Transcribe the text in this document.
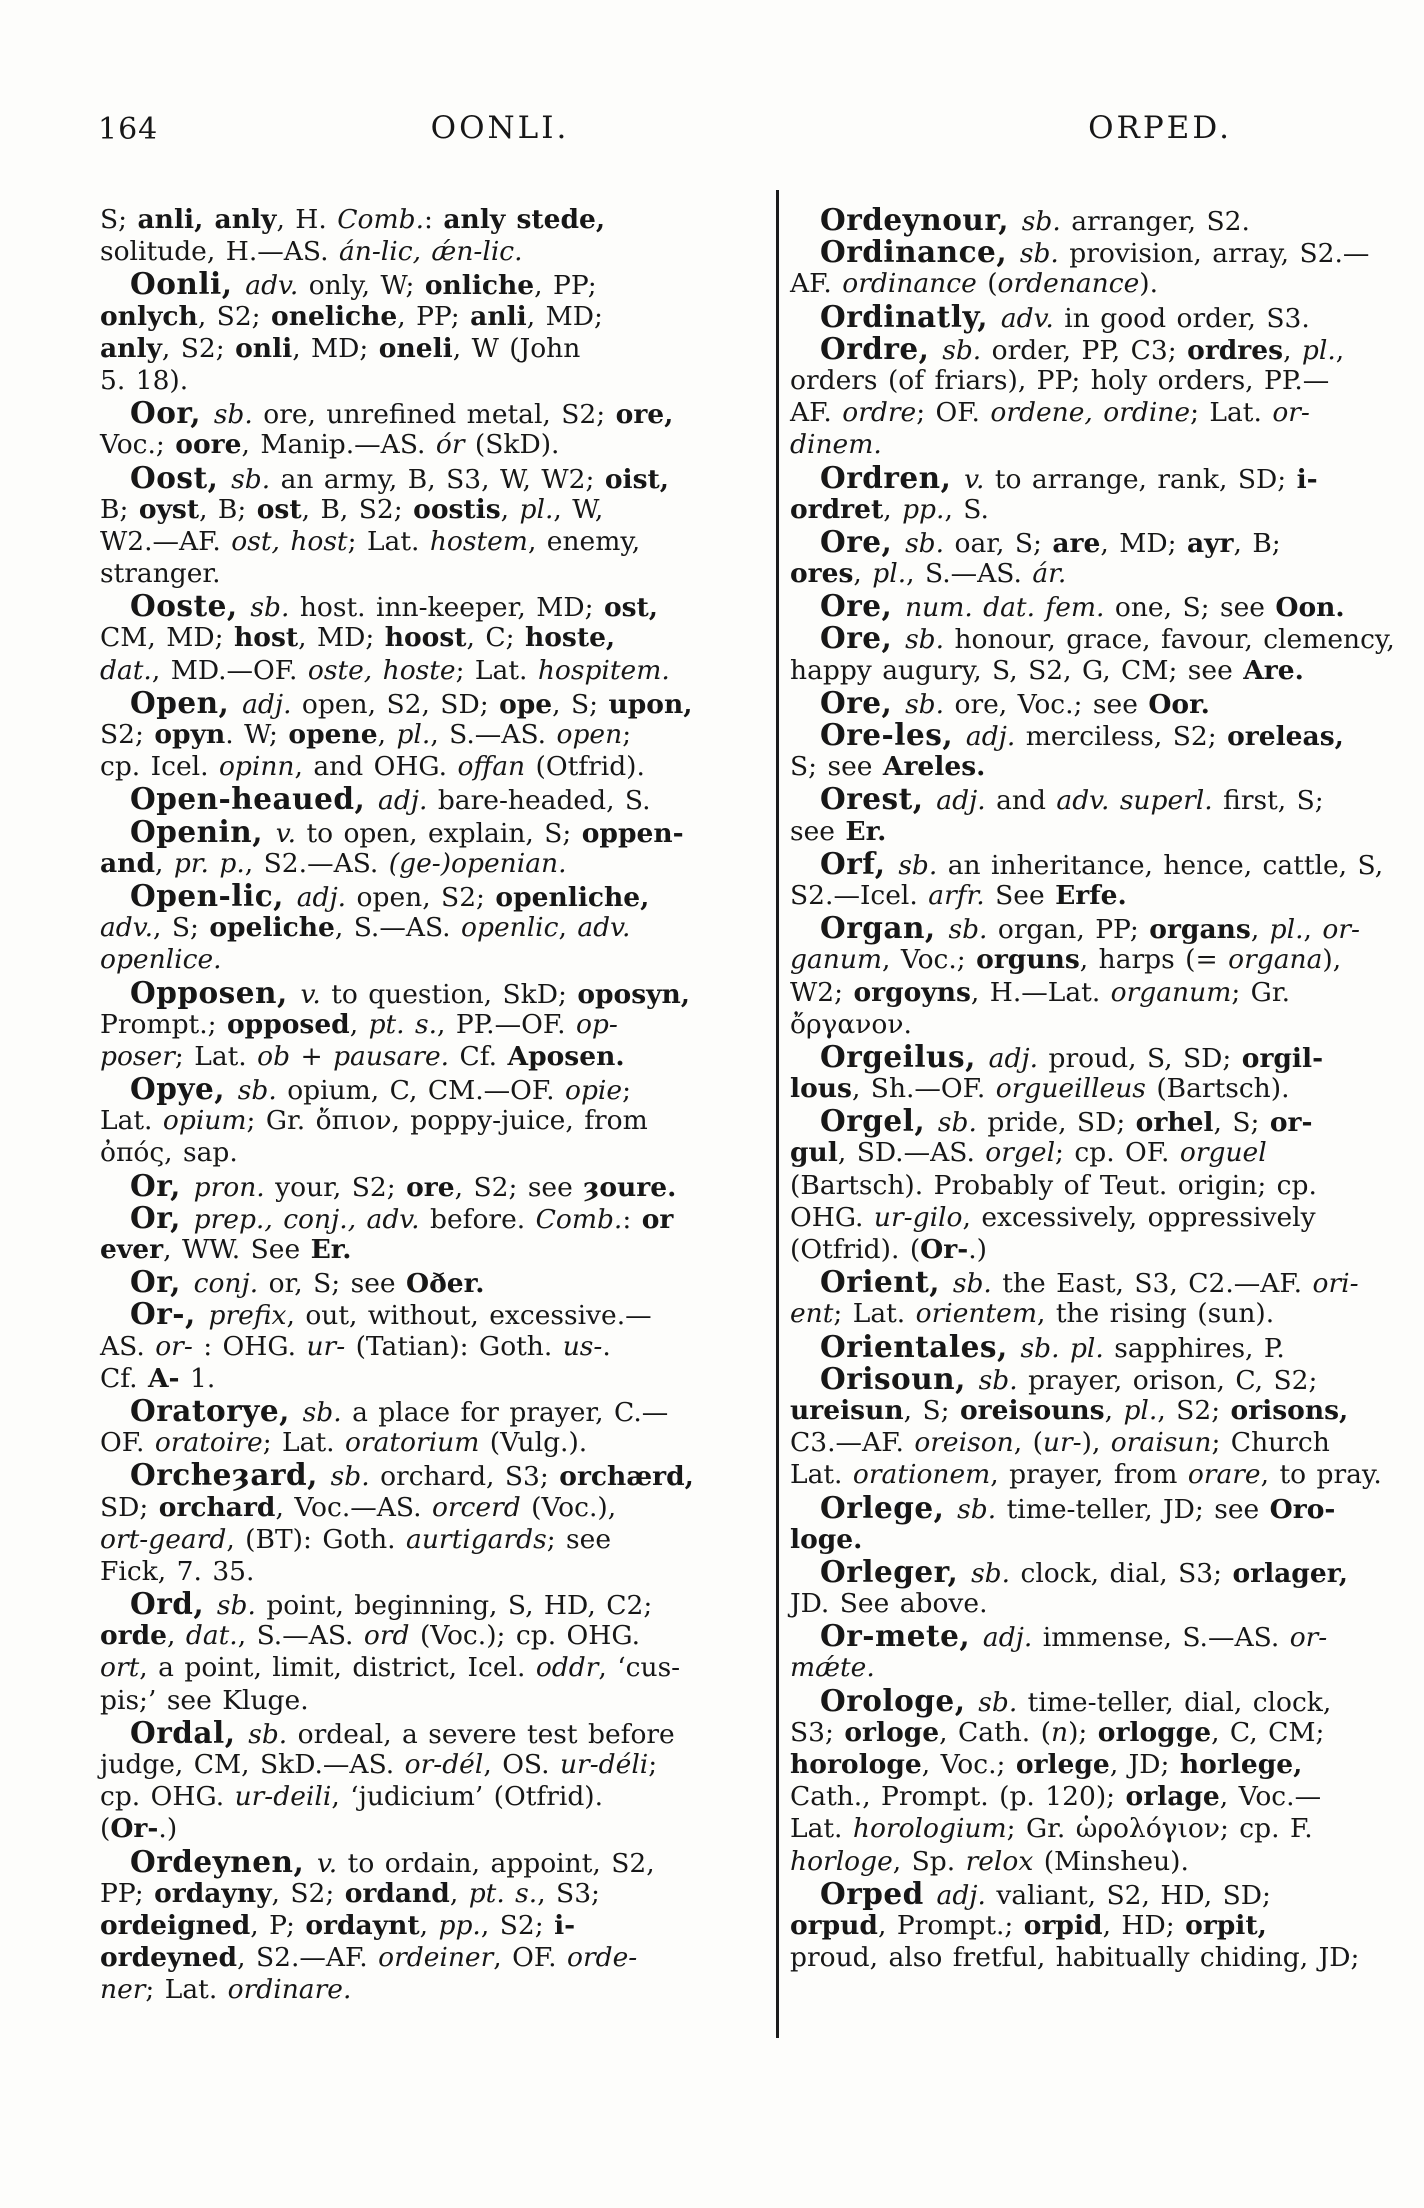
164	OONLI.	ORPED.
S; anli, anly, H. Comb.: anly stede,
solitude, H.—AS. án-lic, ǽn-lic.
Oonli, adv. only, W; onliche, PP;
onlych, S2; oneliche, PP; anli, MD;
anly, S2; onli, MD; oneli, W (John
5. 18).
Oor, sb. ore, unrefined metal, S2; ore,
Voc.; oore, Manip.—AS. ór (SkD).
Oost, sb. an army, B, S3, W, W2; oist,
B; oyst, B; ost, B, S2; oostis, pl., W,
W2.—AF. ost, host; Lat. hostem, enemy,
stranger.
Ooste, sb. host. inn-keeper, MD; ost,
CM, MD; host, MD; hoost, C; hoste,
dat., MD.—OF. oste, hoste; Lat. hospitem.
Open, adj. open, S2, SD; ope, S; upon,
S2; opyn. W; opene, pl., S.—AS. open;
cp. Icel. opinn, and OHG. offan (Otfrid).
Open-heaued, adj. bare-headed, S.
Openin, v. to open, explain, S; oppen-
and, pr. p., S2.—AS. (ge-)openian.
Open-lic, adj. open, S2; openliche,
adv., S; opeliche, S.—AS. openlic, adv.
openlice.
Opposen, v. to question, SkD; oposyn,
Prompt.; opposed, pt. s., PP.—OF. op-
poser; Lat. ob + pausare. Cf. Aposen.
Opye, sb. opium, C, CM.—OF. opie;
Lat. opium; Gr. ὄπιον, poppy-juice, from
ὀπός, sap.
Or, pron. your, S2; ore, S2; see ȝoure.
Or, prep., conj., adv. before. Comb.: or
ever, WW. See Er.
Or, conj. or, S; see Oðer.
Or-, prefix, out, without, excessive.—
AS. or- : OHG. ur- (Tatian): Goth. us-.
Cf. A- 1.
Oratorye, sb. a place for prayer, C.—
OF. oratoire; Lat. oratorium (Vulg.).
Orcheȝard, sb. orchard, S3; orchærd,
SD; orchard, Voc.—AS. orcerd (Voc.),
ort-geard, (BT): Goth. aurtigards; see
Fick, 7. 35.
Ord, sb. point, beginning, S, HD, C2;
orde, dat., S.—AS. ord (Voc.); cp. OHG.
ort, a point, limit, district, Icel. oddr, ‘cus-
pis;’ see Kluge.
Ordal, sb. ordeal, a severe test before
judge, CM, SkD.—AS. or-dél, OS. ur-déli;
cp. OHG. ur-deili, ‘judicium’ (Otfrid).
(Or-.)
Ordeynen, v. to ordain, appoint, S2,
PP; ordayny, S2; ordand, pt. s., S3;
ordeigned, P; ordaynt, pp., S2; i-
ordeyned, S2.—AF. ordeiner, OF. orde-
ner; Lat. ordinare.
Ordeynour, sb. arranger, S2.
Ordinance, sb. provision, array, S2.—
AF. ordinance (ordenance).
Ordinatly, adv. in good order, S3.
Ordre, sb. order, PP, C3; ordres, pl.,
orders (of friars), PP; holy orders, PP.—
AF. ordre; OF. ordene, ordine; Lat. or-
dinem.
Ordren, v. to arrange, rank, SD; i-
ordret, pp., S.
Ore, sb. oar, S; are, MD; ayr, B;
ores, pl., S.—AS. ár.
Ore, num. dat. fem. one, S; see Oon.
Ore, sb. honour, grace, favour, clemency,
happy augury, S, S2, G, CM; see Are.
Ore, sb. ore, Voc.; see Oor.
Ore-les, adj. merciless, S2; oreleas,
S; see Areles.
Orest, adj. and adv. superl. first, S;
see Er.
Orf, sb. an inheritance, hence, cattle, S,
S2.—Icel. arfr. See Erfe.
Organ, sb. organ, PP; organs, pl., or-
ganum, Voc.; orguns, harps (= organa),
W2; orgoyns, H.—Lat. organum; Gr.
ὄργανον.
Orgeilus, adj. proud, S, SD; orgil-
lous, Sh.—OF. orgueilleus (Bartsch).
Orgel, sb. pride, SD; orhel, S; or-
gul, SD.—AS. orgel; cp. OF. orguel
(Bartsch). Probably of Teut. origin; cp.
OHG. ur-gilo, excessively, oppressively
(Otfrid). (Or-.)
Orient, sb. the East, S3, C2.—AF. ori-
ent; Lat. orientem, the rising (sun).
Orientales, sb. pl. sapphires, P.
Orisoun, sb. prayer, orison, C, S2;
ureisun, S; oreisouns, pl., S2; orisons,
C3.—AF. oreison, (ur-), oraisun; Church
Lat. orationem, prayer, from orare, to pray.
Orlege, sb. time-teller, JD; see Oro-
loge.
Orleger, sb. clock, dial, S3; orlager,
JD. See above.
Or-mete, adj. immense, S.—AS. or-
mǽte.
Orologe, sb. time-teller, dial, clock,
S3; orloge, Cath. (n); orlogge, C, CM;
horologe, Voc.; orlege, JD; horlege,
Cath., Prompt. (p. 120); orlage, Voc.—
Lat. horologium; Gr. ὡρολόγιον; cp. F.
horloge, Sp. relox (Minsheu).
Orped adj. valiant, S2, HD, SD;
orpud, Prompt.; orpid, HD; orpit,
proud, also fretful, habitually chiding, JD;
